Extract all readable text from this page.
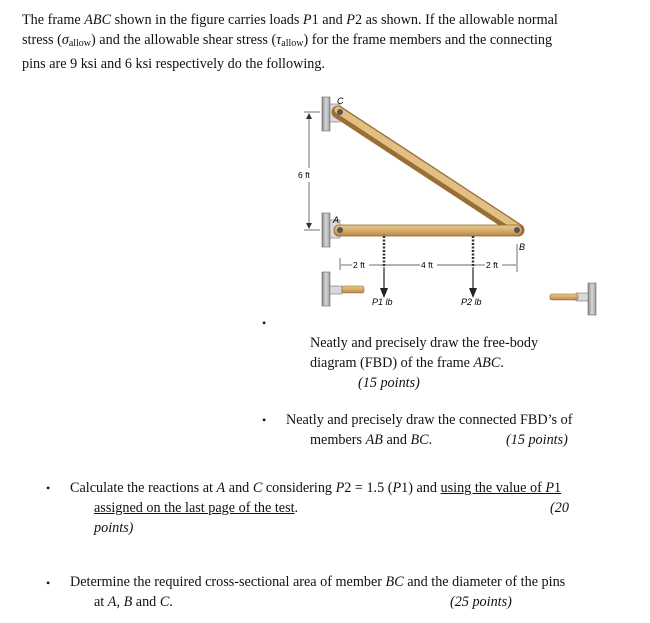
The frame ABC shown in the figure carries loads P1 and P2 as shown. If the allowable normal
stress $(\sigma_{allow})$ and the allowable shear stress $(\tau_{allow})$ for the frame members and the connecting
pins are 9 ksi and 6 ksi respectively do the following.
6 ft
2 ft	4 ft	2 ft
C
A
B
P1 lb	P2 lb
•
Neatly and precisely draw the free-body
diagram (FBD) of the frame ABC.
(15 points)
• Neatly and precisely draw the connected FBD’s of
members AB and BC.	(15 points)
• Calculate the reactions at A and C considering P2 = 1.5 (P1) and using the value of P1
assigned on the last page of the test.	(20
points)
• Determine the required cross-sectional area of member BC and the diameter of the pins
at A, B and C.	(25 points)
